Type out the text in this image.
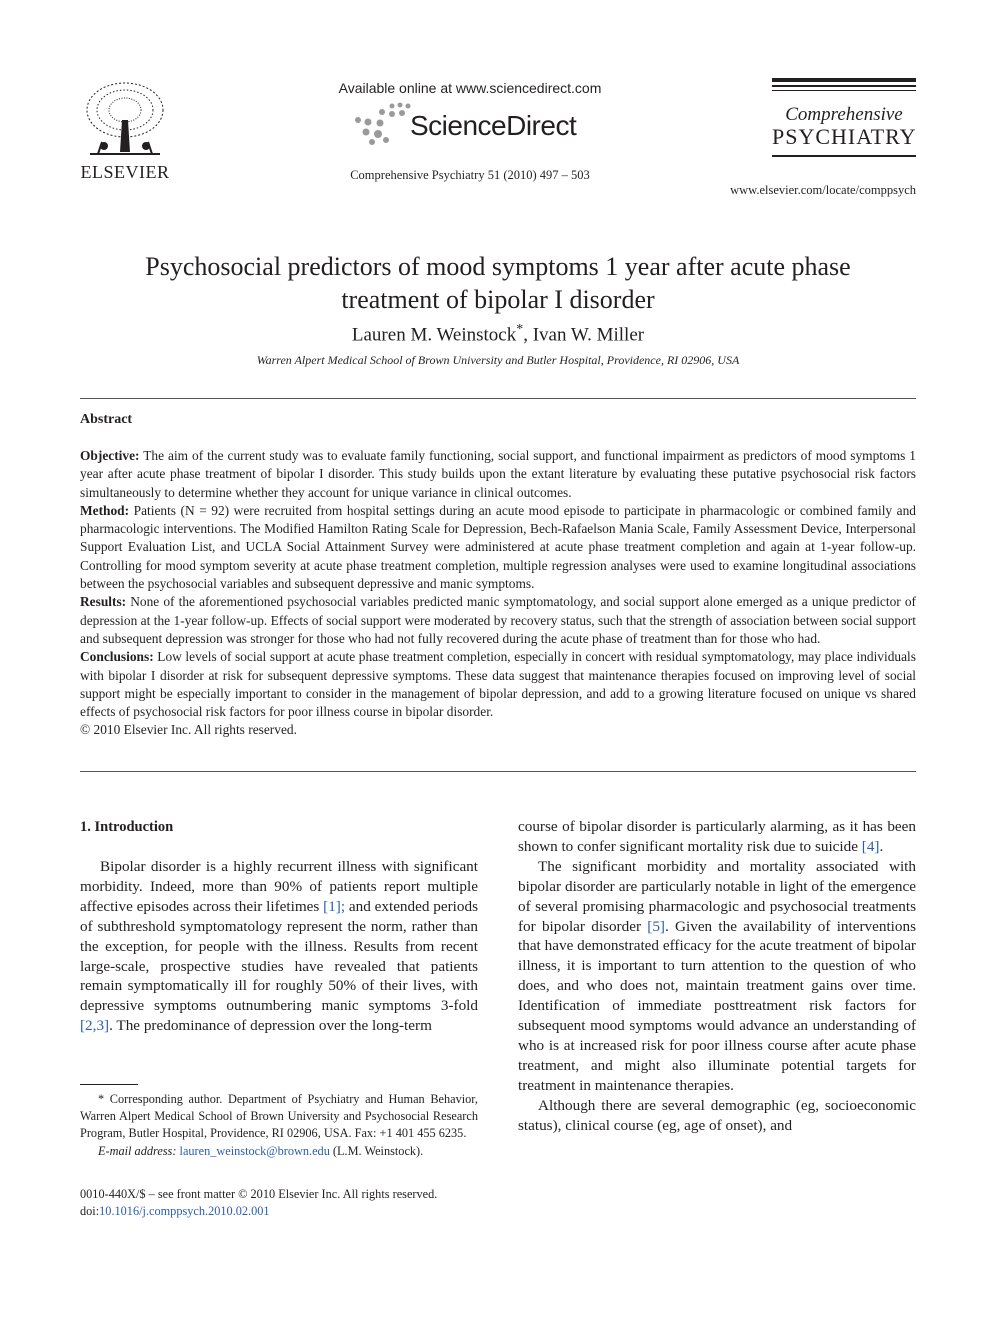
ELSEVIER
Available online at www.sciencedirect.com
ScienceDirect
Comprehensive Psychiatry 51 (2010) 497 – 503
Comprehensive
PSYCHIATRY
www.elsevier.com/locate/comppsych
Psychosocial predictors of mood symptoms 1 year after acute phase
treatment of bipolar I disorder
Lauren M. Weinstock*, Ivan W. Miller
Warren Alpert Medical School of Brown University and Butler Hospital, Providence, RI 02906, USA
Abstract

Objective: The aim of the current study was to evaluate family functioning, social support, and functional impairment as predictors of mood symptoms 1 year after acute phase treatment of bipolar I disorder. This study builds upon the extant literature by evaluating these putative psychosocial risk factors simultaneously to determine whether they account for unique variance in clinical outcomes.

Method: Patients (N = 92) were recruited from hospital settings during an acute mood episode to participate in pharmacologic or combined family and pharmacologic interventions. The Modified Hamilton Rating Scale for Depression, Bech-Rafaelson Mania Scale, Family Assessment Device, Interpersonal Support Evaluation List, and UCLA Social Attainment Survey were administered at acute phase treatment completion and again at 1-year follow-up. Controlling for mood symptom severity at acute phase treatment completion, multiple regression analyses were used to examine longitudinal associations between the psychosocial variables and subsequent depressive and manic symptoms.

Results: None of the aforementioned psychosocial variables predicted manic symptomatology, and social support alone emerged as a unique predictor of depression at the 1-year follow-up. Effects of social support were moderated by recovery status, such that the strength of association between social support and subsequent depression was stronger for those who had not fully recovered during the acute phase of treatment than for those who had.

Conclusions: Low levels of social support at acute phase treatment completion, especially in concert with residual symptomatology, may place individuals with bipolar I disorder at risk for subsequent depressive symptoms. These data suggest that maintenance therapies focused on improving level of social support might be especially important to consider in the management of bipolar depression, and add to a growing literature focused on unique vs shared effects of psychosocial risk factors for poor illness course in bipolar disorder.

© 2010 Elsevier Inc. All rights reserved.

1. Introduction

Bipolar disorder is a highly recurrent illness with significant morbidity. Indeed, more than 90% of patients report multiple affective episodes across their lifetimes [1]; and extended periods of subthreshold symptomatology represent the norm, rather than the exception, for people with the illness. Results from recent large-scale, prospective studies have revealed that patients remain symptomatically ill for roughly 50% of their lives, with depressive symptoms outnumbering manic symptoms 3-fold [2,3]. The predominance of depression over the long-term

* Corresponding author. Department of Psychiatry and Human Behavior, Warren Alpert Medical School of Brown University and Psychosocial Research Program, Butler Hospital, Providence, RI 02906, USA. Fax: +1 401 455 6235.

E-mail address: lauren_weinstock@brown.edu (L.M. Weinstock).

0010-440X/$ – see front matter © 2010 Elsevier Inc. All rights reserved.

doi:10.1016/j.comppsych.2010.02.001

course of bipolar disorder is particularly alarming, as it has been shown to confer significant mortality risk due to suicide [4].

The significant morbidity and mortality associated with bipolar disorder are particularly notable in light of the emergence of several promising pharmacologic and psychosocial treatments for bipolar disorder [5]. Given the availability of interventions that have demonstrated efficacy for the acute treatment of bipolar illness, it is important to turn attention to the question of who does, and who does not, maintain treatment gains over time. Identification of immediate posttreatment risk factors for subsequent mood symptoms would advance an understanding of who is at increased risk for poor illness course after acute phase treatment, and might also illuminate potential targets for treatment in maintenance therapies.

Although there are several demographic (eg, socioeconomic status), clinical course (eg, age of onset), and
